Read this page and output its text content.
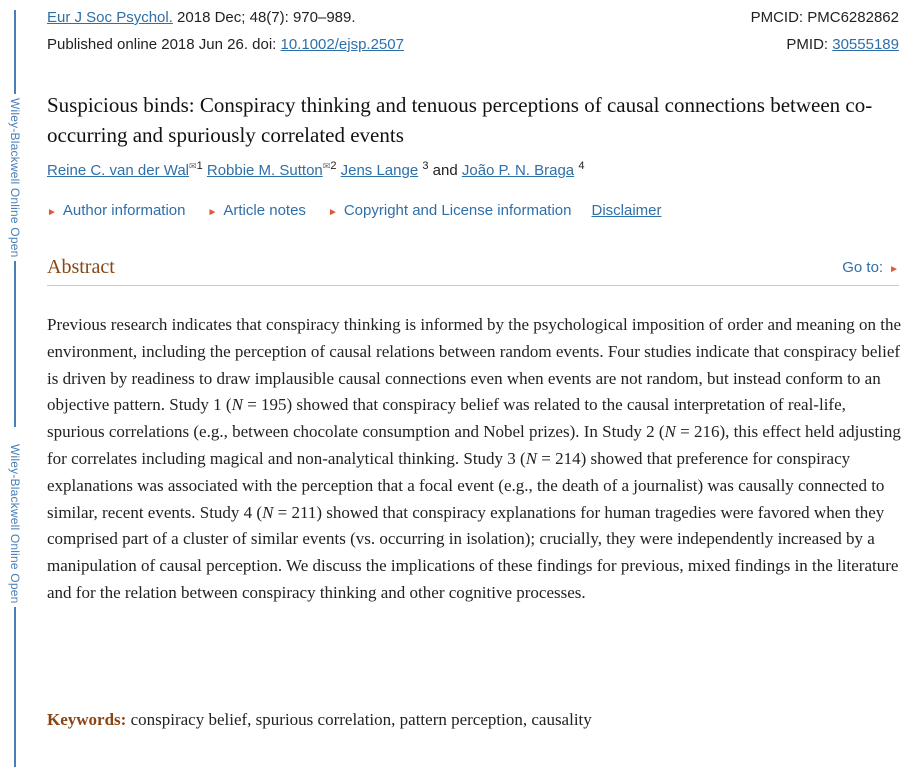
Wiley-Blackwell Online Open
Wiley-Blackwell Online Open
Eur J Soc Psychol. 2018 Dec; 48(7): 970–989.
Published online 2018 Jun 26. doi: 10.1002/ejsp.2507
PMCID: PMC6282862
PMID: 30555189
Suspicious binds: Conspiracy thinking and tenuous perceptions of causal connections between co-occurring and spuriously correlated events
Reine C. van der Wal$^{✉1}$ Robbie M. Sutton$^{✉2}$ Jens Lange $^3$ and João P. N. Braga $^4$
► Author information ► Article notes ► Copyright and License information Disclaimer
Abstract	Go to: ►

Previous research indicates that conspiracy thinking is informed by the psychological imposition of order and meaning on the environment, including the perception of causal relations between random events. Four studies indicate that conspiracy belief is driven by readiness to draw implausible causal connections even when events are not random, but instead conform to an objective pattern. Study 1 (N = 195) showed that conspiracy belief was related to the causal interpretation of real-life, spurious correlations (e.g., between chocolate consumption and Nobel prizes). In Study 2 (N = 216), this effect held adjusting for correlates including magical and non-analytical thinking. Study 3 (N = 214) showed that preference for conspiracy explanations was associated with the perception that a focal event (e.g., the death of a journalist) was causally connected to similar, recent events. Study 4 (N = 211) showed that conspiracy explanations for human tragedies were favored when they comprised part of a cluster of similar events (vs. occurring in isolation); crucially, they were independently increased by a manipulation of causal perception. We discuss the implications of these findings for previous, mixed findings in the literature and for the relation between conspiracy thinking and other cognitive processes.

Keywords: conspiracy belief, spurious correlation, pattern perception, causality
